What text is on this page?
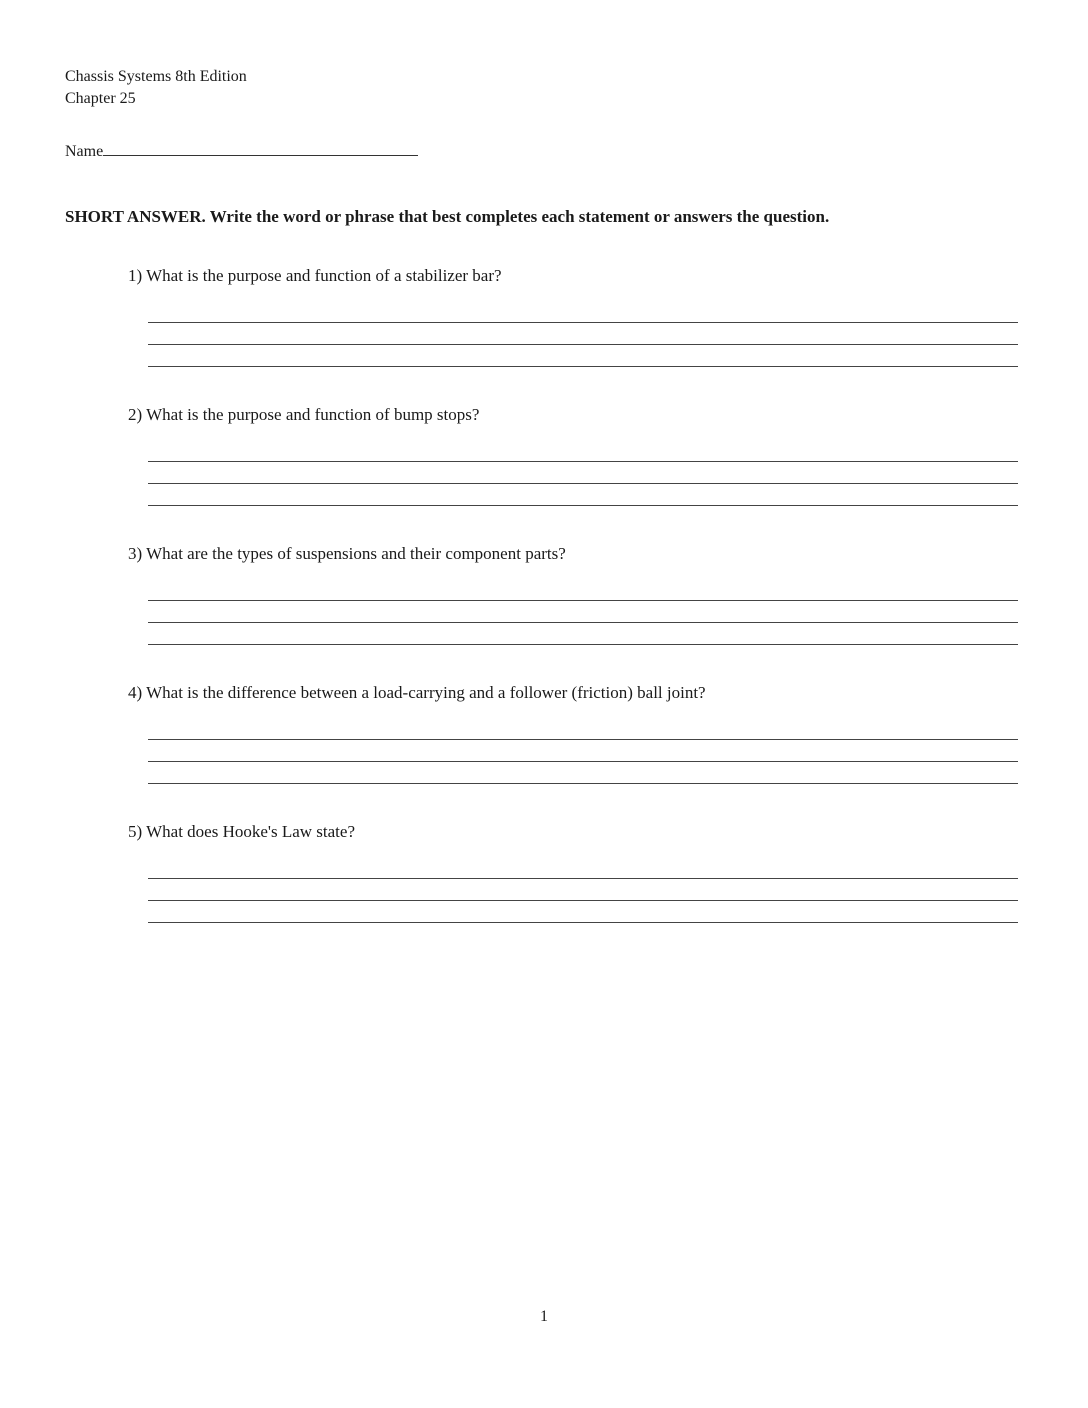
Chassis Systems 8th Edition
Chapter 25
Name
SHORT ANSWER. Write the word or phrase that best completes each statement or answers the question.
1) What is the purpose and function of a stabilizer bar?
2) What is the purpose and function of bump stops?
3) What are the types of suspensions and their component parts?
4) What is the difference between a load-carrying and a follower (friction) ball joint?
5) What does Hooke's Law state?
1
